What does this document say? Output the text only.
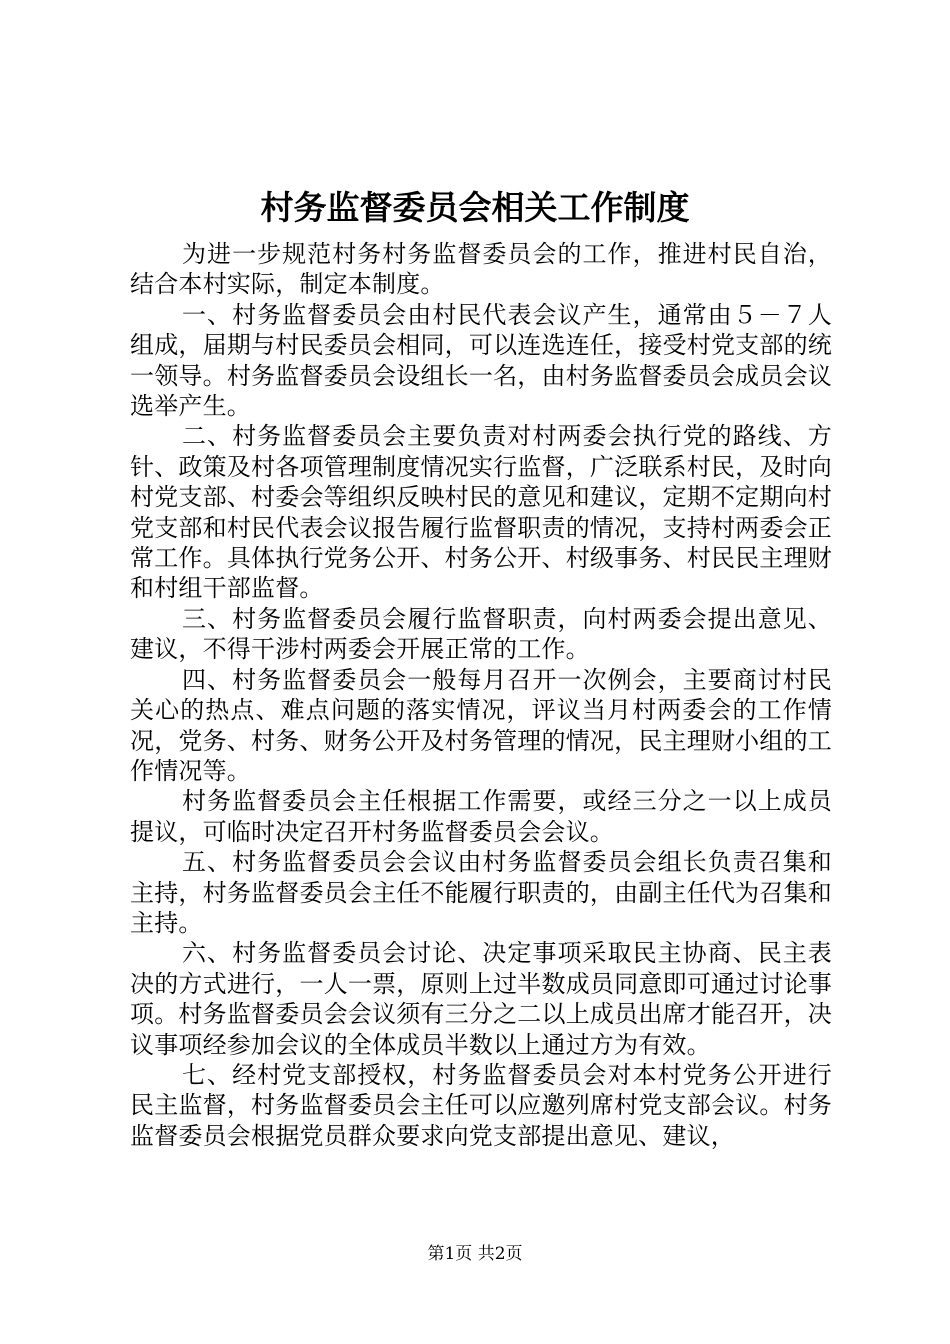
村务监督委员会相关工作制度

为进一步规范村务村务监督委员会的工作，推进村民自治，结合本村实际，制定本制度。

一、村务监督委员会由村民代表会议产生，通常由５－７人组成，届期与村民委员会相同，可以连选连任，接受村党支部的统一领导。村务监督委员会设组长一名，由村务监督委员会成员会议选举产生。

二、村务监督委员会主要负责对村两委会执行党的路线、方针、政策及村各项管理制度情况实行监督，广泛联系村民，及时向村党支部、村委会等组织反映村民的意见和建议，定期不定期向村党支部和村民代表会议报告履行监督职责的情况，支持村两委会正常工作。具体执行党务公开、村务公开、村级事务、村民民主理财和村组干部监督。

三、村务监督委员会履行监督职责，向村两委会提出意见、建议，不得干涉村两委会开展正常的工作。

四、村务监督委员会一般每月召开一次例会，主要商讨村民关心的热点、难点问题的落实情况，评议当月村两委会的工作情况，党务、村务、财务公开及村务管理的情况，民主理财小组的工作情况等。

村务监督委员会主任根据工作需要，或经三分之一以上成员提议，可临时决定召开村务监督委员会会议。

五、村务监督委员会会议由村务监督委员会组长负责召集和主持，村务监督委员会主任不能履行职责的，由副主任代为召集和主持。

六、村务监督委员会讨论、决定事项采取民主协商、民主表决的方式进行，一人一票，原则上过半数成员同意即可通过讨论事项。村务监督委员会会议须有三分之二以上成员出席才能召开，决议事项经参加会议的全体成员半数以上通过方为有效。

七、经村党支部授权，村务监督委员会对本村党务公开进行民主监督，村务监督委员会主任可以应邀列席村党支部会议。村务监督委员会根据党员群众要求向党支部提出意见、建议，

第1页 共2页
